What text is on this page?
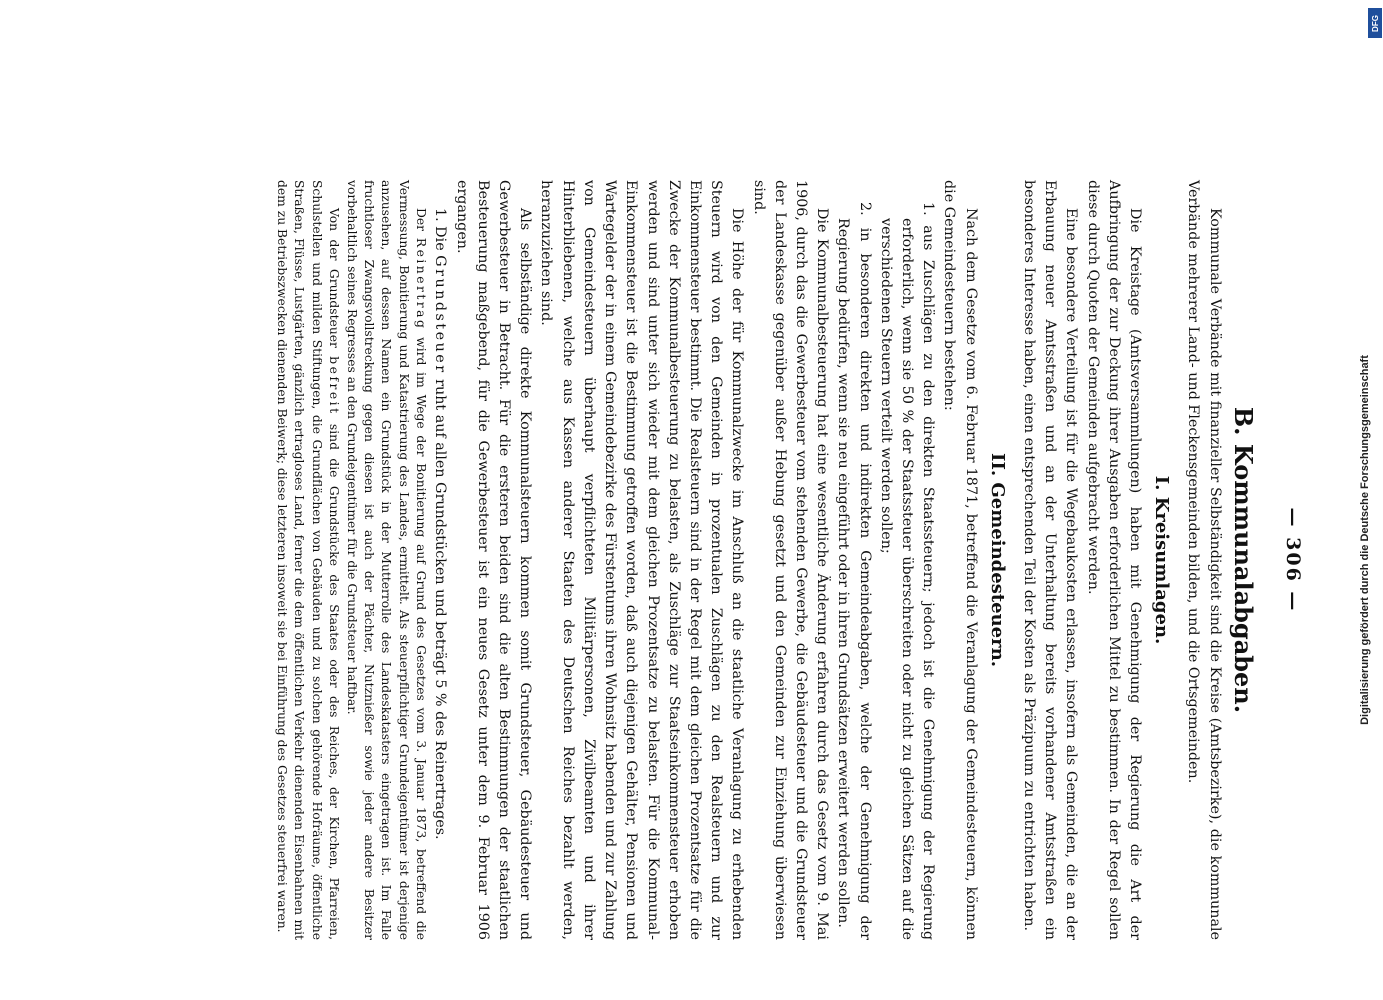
— 306 —
B. Kommunalabgaben.

Kommunale Verbände mit finanzieller Selbständigkeit sind die Kreise (Amtsbezirke), die kommunale Verbände mehrerer Land- und Fleckensgemeinden bilden, und die Ortsgemeinden.

I. Kreisumlagen.

Die Kreistage (Amtsversammlungen) haben mit Genehmigung der Regierung die Art der Aufbringung der zur Deckung ihrer Ausgaben erforderlichen Mittel zu bestimmen. In der Regel sollen diese durch Quoten der Gemeinden aufgebracht werden.

Eine besondere Verteilung ist für die Wegebaukosten erlassen, insofern als Gemeinden, die an der Erbauung neuer Amtsstraßen und an der Unterhaltung bereits vorhandener Amtsstraßen ein besonderes Interesse haben, einen entsprechenden Teil der Kosten als Präzipuum zu entrichten haben.

II. Gemeindesteuern.

Nach dem Gesetze vom 6. Februar 1871, betreffend die Veranlagung der Gemeindesteuern, können die Gemeindesteuern bestehen:

1. aus Zuschlägen zu den direkten Staatssteuern; jedoch ist die Genehmigung der Regierung erforderlich, wenn sie 50 % der Staatssteuer überschreiten oder nicht zu gleichen Sätzen auf die verschiedenen Steuern verteilt werden sollen;
2. in besonderen direkten und indirekten Gemeindeabgaben, welche der Genehmigung der Regierung bedürfen, wenn sie neu eingeführt oder in ihren Grundsätzen erweitert werden sollen.

Die Kommunalbesteuerung hat eine wesentliche Änderung erfahren durch das Gesetz vom 9. Mai 1906, durch das die Gewerbesteuer vom stehenden Gewerbe, die Gebäudesteuer und die Grundsteuer der Landeskasse gegenüber außer Hebung gesetzt und den Gemeinden zur Einziehung überwiesen sind.

Die Höhe der für Kommunalzwecke im Anschluß an die staatliche Veranlagung zu erhebenden Steuern wird von den Gemeinden in prozentualen Zuschlägen zu den Realsteuern und zur Einkommensteuer bestimmt. Die Realsteuern sind in der Regel mit dem gleichen Prozentsatze für die Zwecke der Kommunalbesteuerung zu belasten, als Zuschläge zur Staatseinkommensteuer erhoben werden und sind unter sich wieder mit dem gleichen Prozentsatze zu belasten. Für die Kommunal-Einkommensteuer ist die Bestimmung getroffen worden, daß auch diejenigen Gehälter, Pensionen und Wartegelder der in einem Gemeindebezirke des Fürstentums ihren Wohnsitz habenden und zur Zahlung von Gemeindesteuern überhaupt verpflichteten Militärpersonen, Zivilbeamten und ihrer Hinterbliebenen, welche aus Kassen anderer Staaten des Deutschen Reiches bezahlt werden, heranzuziehen sind.

Als selbständige direkte Kommunalsteuern kommen somit Grundsteuer, Gebäudesteuer und Gewerbesteuer in Betracht. Für die ersteren beiden sind die alten Bestimmungen der staatlichen Besteuerung maßgebend, für die Gewerbesteuer ist ein neues Gesetz unter dem 9. Februar 1906 ergangen.

1. Die Grundsteuer ruht auf allen Grundstücken und beträgt 5 % des Reinertrages.

Der Reinertrag wird im Wege der Bonitierung auf Grund des Gesetzes vom 3. Januar 1873, betreffend die Vermessung, Bonitierung und Katastrierung des Landes, ermittelt. Als steuerpflichtiger Grundeigentümer ist derjenige anzusehen, auf dessen Namen ein Grundstück in der Mutterrolle des Landeskatasters eingetragen ist. Im Falle fruchtloser Zwangsvollstreckung gegen diesen ist auch der Pächter, Nutznießer sowie jeder andere Besitzer vorbehaltlich seines Regresses an den Grundeigentümer für die Grundsteuer haftbar.

Von der Grundsteuer befreit sind die Grundstücke des Staates oder des Reiches, der Kirchen, Pfarreien, Schulstellen und milden Stiftungen, die Grundflächen von Gebäuden und zu solchen gehörende Hofräume, öffentliche Straßen, Flüsse, Lustgärten, gänzlich ertragloses Land, ferner die dem öffentlichen Verkehr dienenden Eisenbahnen mit dem zu Betriebszwecken dienenden Beiwerk; diese letzteren insoweit sie bei Einführung des Gesetzes steuerfrei waren.

DFG
Digitalisierung gefördert durch die Deutsche Forschungsgemeinschaft
